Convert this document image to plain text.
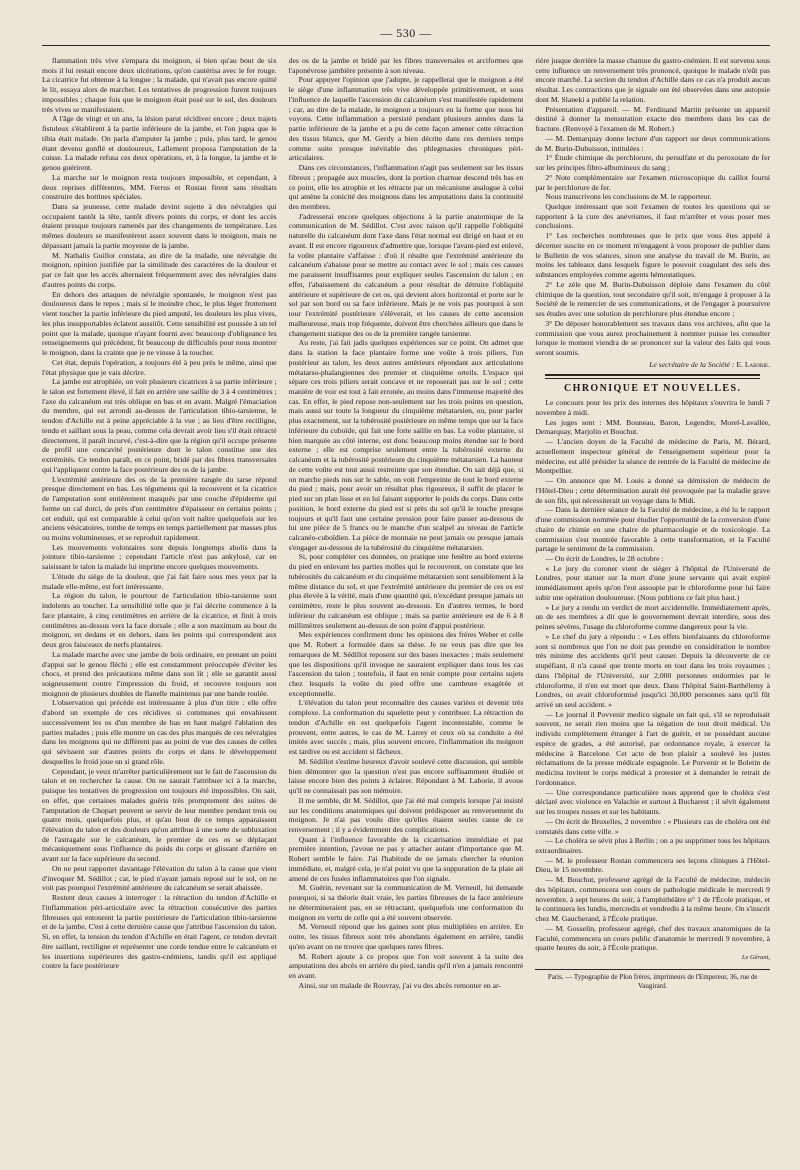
— 530 —

flammation très vive s'empara du moignon, si bien qu'au bout de six mois il lui restait encore deux ulcérations, qu'on cautérisa avec le fer rouge. La cicatrice fut obtenue à la longue ; la malade, qui n'avait pas encore quitté le lit, essaya alors de marcher. Les tentatives de progression furent toujours impossibles ; chaque fois que le moignon était posé sur le sol, des douleurs très vives se manifestaient.

A l'âge de vingt et un ans, la lésion parut récidiver encore ; deux trajets fistuleux s'établirent à la partie inférieure de la jambe, et l'on jugea que le tibia était malade. On parla d'amputer la jambe ; puis, plus tard, le genou étant devenu gonflé et douloureux, Lallement proposa l'amputation de la cuisse. La malade refusa ces deux opérations, et, à la longue, la jambe et le genou guérirent.

La marche sur le moignon resta toujours impossible, et cependant, à deux reprises différentes, MM. Ferrus et Rostan firent sans résultats construire des bottines spéciales.

Dans sa jeunesse, cette malade devint sujette à des névralgies qui occupaient tantôt la tête, tantôt divers points du corps, et dont les accès étaient presque toujours ramenés par des changements de température. Les mêmes douleurs se manifestèrent assez souvent dans le moignon, mais ne dépassant jamais la partie moyenne de la jambe.

M. Nathalis Guillot constata, au dire de la malade, une névralgie du moignon, opinion justifiée par la similitude des caractères de la douleur et par ce fait que les accès alternaient fréquemment avec des névralgies dans d'autres points du corps.

En dehors des attaques de névralgie spontanée, le moignon n'est pas douloureux dans le repos ; mais si le moindre choc, le plus léger frottement vient toucher la partie inférieure du pied amputé, les douleurs les plus vives, les plus insupportables éclatent aussitôt. Cette sensibilité est poussée à un tel point que la malade, quoique n'ayant fourni avec beaucoup d'obligeance les renseignements qui précèdent, fit beaucoup de difficultés pour nous montrer le moignon, dans la crainte que je ne vinsse à la toucher.

Cet état, depuis l'opération, a toujours été à peu près le même, ainsi que l'état physique que je vais décrire.

La jambe est atrophiée, on voit plusieurs cicatrices à sa partie inférieure ; le talon est fortement élevé, il fait en arrière une saillie de 3 à 4 centimètres ; l'axe du calcanéum est très oblique en bas et en avant. Malgré l'émaciation du membre, qui est arrondi au-dessus de l'articulation tibio-tarsienne, le tendon d'Achille est à peine appréciable à la vue ; au lieu d'être rectiligne, tendu et saillant sous la peau, comme cela devrait avoir lieu s'il était rétracté directement, il paraît incurvé, c'est-à-dire que la région qu'il occupe présente de profil une concavité postérieure dont le talon constitue une des extrémités. Ce tendon paraît, en ce point, bridé par des fibres transversales qui l'appliquent contre la face postérieure des os de la jambe.

L'extrémité antérieure des os de la première rangée du tarse répond presque directement en bas. Les téguments qui la recouvrent et la cicatrice de l'amputation sont entièrement masqués par une couche d'épiderme qui forme un cal durci, de près d'un centimètre d'épaisseur en certains points ; cet enduit, qui est comparable à celui qu'on voit naître quelquefois sur les anciens vésicatoires, tombe de temps en temps partiellement par masses plus ou moins volumineuses, et se reproduit rapidement.

Les mouvements volontaires sont depuis longtemps abolis dans la jointure tibio-tarsienne ; cependant l'article n'est pas ankylosé, car en saisissant le talon la malade lui imprime encore quelques mouvements.

L'étude du siège de la douleur, que j'ai fait faire sous mes yeux par la malade elle-même, est fort intéressante.

La région du talon, le pourtour de l'articulation tibio-tarsienne sont indolents au toucher. La sensibilité telle que je l'ai décrite commence à la face plantaire, à cinq centimètres en arrière de la cicatrice, et finit à trois centimètres au-dessus vers la face dorsale ; elle a son maximum au bout du moignon, en dedans et en dehors, dans les points qui correspondent aux deux gros faisceaux de nerfs plantaires.

La malade marche avec une jambe de bois ordinaire, en prenant un point d'appui sur le genou fléchi ; elle est constamment préoccupée d'éviter les chocs, et prend des précautions même dans son lit ; elle se garantit aussi soigneusement contre l'impression du froid, et recouvre toujours son moignon de plusieurs doubles de flanelle maintenus par une bande roulée.

L'observation qui précède est intéressante à plus d'un titre : elle offre d'abord un exemple de ces récidives si communes qui envahissent successivement les os d'un membre de bas en haut malgré l'ablation des parties malades ; puis elle montre un cas des plus marqués de ces névralgies dans les moignons qui ne diffèrent pas au point de vue des causes de celles qui sévissent sur d'autres points du corps et dans le développement desquelles le froid joue un si grand rôle.

Cependant, je veux m'arrêter particulièrement sur le fait de l'ascension du talon et en rechercher la cause. On ne saurait l'attribuer ici à la marche, puisque les tentatives de progression ont toujours été impossibles. On sait, en effet, que certaines malades guéris très promptement des suites de l'amputation de Chopart peuvent se servir de leur membre pendant trois ou quatre mois, quelquefois plus, et qu'au bout de ce temps apparaissent l'élévation du talon et des douleurs qu'on attribue à une sorte de subluxation de l'astragale sur le calcanéum, le premier de ces os se déplaçant mécaniquement sous l'influence du poids du corps et glissant d'arrière en avant sur la face supérieure du second.

On ne peut rapporter davantage l'élévation du talon à la cause que vient d'invoquer M. Sédillot ; car, le pied n'ayant jamais reposé sur le sol, on ne voit pas pourquoi l'extrémité antérieure du calcanéum se serait abaissée.

Restent deux causes à interroger : la rétraction du tendon d'Achille et l'inflammation péri-articulaire avec la rétraction consécutive des parties fibreuses qui entourent la partie postérieure de l'articulation tibio-tarsienne et de la jambe. C'est à cette dernière cause que j'attribue l'ascension du talon. Si, en effet, la tension du tendon d'Achille en était l'agent, ce tendon devrait être saillant, rectiligne et représenter une corde tendue entre le calcanéum et les insertions supérieures des gastro-cnémiens, tandis qu'il est appliqué contre la face postérieure

des os de la jambe et bridé par les fibres transversales et arciformes que l'aponévrose jambière présente à son niveau.

Pour appuyer l'opinion que j'adopte, je rappellerai que le moignon a été le siège d'une inflammation très vive développée primitivement, et sous l'influence de laquelle l'ascension du calcanéum s'est manifestée rapidement ; car, au dire de la malade, le moignon a toujours eu la forme que nous lui voyons. Cette inflammation a persisté pendant plusieurs années dans la partie inférieure de la jambe et a pu de cette façon amener cette rétraction des tissus blancs, que M. Gerdy a bien décrite dans ces derniers temps comme suite presque inévitable des phlegmasies chroniques péri-articulaires.

Dans ces circonstances, l'inflammation n'agit pas seulement sur les tissus fibreux ; propagée aux muscles, dont la portion charnue descend très bas en ce point, elle les atrophie et les rétracte par un mécanisme analogue à celui qui amène la conicité des moignons dans les amputations dans la continuité des membres.

J'adresserai encore quelques objections à la partie anatomique de la communication de M. Sédillot. C'est avec raison qu'il rappelle l'obliquité naturelle du calcanéum dont l'axe dans l'état normal est dirigé en haut et en avant. Il est encore rigoureux d'admettre que, lorsque l'avant-pied est enlevé, la voûte plantaire s'affaisse : d'où il résulte que l'extrémité antérieure du calcanéum s'abaisse pour se mettre au contact avec le sol ; mais ces causes me paraissent insuffisantes pour expliquer seules l'ascension du talon ; en effet, l'abaissement du calcanéum a pour résultat de détruire l'obliquité antérieure et supérieure de cet os, qui devient alors horizontal et porte sur le sol par son bord ou sa face inférieure. Mais je ne vois pas pourquoi à son tour l'extrémité postérieure s'élèverait, et les causes de cette ascension malheureuse, mais trop fréquente, doivent être cherchées ailleurs que dans le changement statique des os de la première rangée tarsienne.

Au reste, j'ai fait jadis quelques expériences sur ce point. On admet que dans la station la face plantaire forme une voûte à trois piliers, l'un postérieur au talon, les deux autres antérieurs répondant aux articulations métatarso-phalangiennes des premier et cinquième orteils. L'espace qui sépare ces trois piliers serait concave et ne reposerait pas sur le sol ; cette manière de voir est tout à fait erronée, au moins dans l'immense majorité des cas. En effet, le pied repose non-seulement sur les trois points en question, mais aussi sur toute la longueur du cinquième métatarsien, ou, pour parler plus exactement, sur la tubérosité postérieure en même temps que sur la face inférieure du cuboïde, qui fait une forte saillie en bas. La voûte plantaire, si bien marquée au côté interne, est donc beaucoup moins étendue sur le bord externe ; elle est comprise seulement entre la tubérosité externe du calcanéum et la tubérosité postérieure du cinquième métatarsien. La hauteur de cette voûte est tout aussi restreinte que son étendue. On sait déjà que, si on marche pieds nus sur le sable, on voit l'empreinte de tout le bord externe du pied ; mais, pour avoir un résultat plus rigoureux, il suffit de placer le pied sur un plan lisse et en lui faisant supporter le poids du corps. Dans cette position, le bord externe du pied est si près du sol qu'il le touche presque toujours et qu'il faut une certaine pression pour faire passer au-dessous de lui une pièce de 5 francs ou le manche d'un scalpel au niveau de l'article calcanéo-cuboïdien. La pièce de monnaie ne peut jamais ou presque jamais s'engager au-dessous de la tubérosité du cinquième métatarsien.

Si, pour compléter ces données, on pratique une fenêtre au bord externe du pied en enlevant les parties molles qui le recouvrent, on constate que les tubérosités du calcanéum et du cinquième métatarsien sont sensiblement à la même distance du sol, et que l'extrémité antérieure du premier de ces os est plus élevée à la vérité, mais d'une quantité qui, n'excédant presque jamais un centimètre, reste le plus souvent au-dessous. En d'autres termes, le bord inférieur du calcanéum est oblique ; mais sa partie antérieure est de 6 à 8 millimètres seulement au-dessus de son point d'appui postérieur.

Mes expériences confirment donc les opinions des frères Weber et celle que M. Robert a formulée dans sa thèse. Je ne veux pas dire que les remarques de M. Sédillot reposent sur des bases inexactes ; mais seulement que les dispositions qu'il invoque ne sauraient expliquer dans tous les cas l'ascension du talon ; toutefois, il faut en tenir compte pour certains sujets chez lesquels la voûte du pied offre une cambrure exagérée et exceptionnelle.

L'élévation du talon peut reconnaître des causes variées et devenir très complexe. La conformation du squelette peut y contribuer. La rétraction du tendon d'Achille en est quelquefois l'agent incontestable, comme le prouvent, entre autres, le cas de M. Larrey et ceux où sa conduite a été imitée avec succès ; mais, plus souvent encore, l'inflammation du moignon est tardive ou est accident si fâcheux.

M. Sédillot s'estime heureux d'avoir soulevé cette discussion, qui semble bien démontrer que la question n'est pas encore suffisamment étudiée et laisse encore bien des points à éclairer. Répondant à M. Laborie, il avoue qu'il ne connaissait pas son mémoire.

Il me semble, dit M. Sédillot, que j'ai été mal compris lorsque j'ai insisté sur les conditions anatomiques qui doivent prédisposer au renversement du moignon. Je n'ai pas voulu dire qu'elles étaient seules cause de ce renversement ; il y a évidemment des complications.

Quant à l'influence favorable de la cicatrisation immédiate et par première intention, j'avoue ne pas y attacher autant d'importance que M. Robert semble le faire. J'ai l'habitude de ne jamais chercher la réunion immédiate, et, malgré cela, je n'ai point vu que la suppuration de la plaie ait amené de ces fusées inflammatoires que l'on signale.

M. Guérin, revenant sur la communication de M. Verneuil, lui demande pourquoi, si sa théorie était vraie, les parties fibreuses de la face antérieure ne détermineraient pas, en se rétractant, quelquefois une conformation du moignon en vertu de celle qui a été souvent observée.

M. Verneuil répond que les gaines sont plus multipliées en arrière. En outre, les tissus fibreux sont très abondants également en arrière, tandis qu'en avant on ne trouve que quelques rares fibres.

M. Robert ajoute à ce propos que l'on voit souvent à la suite des amputations des abcès en arrière du pied, tandis qu'il n'en a jamais rencontré en avant.

Ainsi, sur un malade de Rouvray, j'ai vu des abcès remonter en ar-

rière jusque derrière la masse charnue du gastro-cnémien. Il est survenu sous cette influence un renversement très prononcé, quoique le malade n'eût pas encore marché. La section du tendon d'Achille dans ce cas n'a produit aucun résultat. Les contractions que je signale ont été observées dans une autopsie dont M. Slaneki a publié la relation.

Présentation d'appareil. — M. Ferdinand Martin présente un appareil destiné à donner la mensuration exacte des membres dans les cas de fracture. (Renvoyé à l'examen de M. Robert.)

— M. Demarquay donne lecture d'un rapport sur deux communications de M. Burin-Dubuisson, intitulées :

1° Étude chimique du perchlorure, du persulfate et du peroxotate de fer sur les principes fibro-albumineux du sang ;

2° Note complémentaire sur l'examen microscopique du caillot fourni par le perchlorure de fer.

Nous transcrivons les conclusions de M. le rapporteur.

Quelque intéressant que soit l'examen de toutes les questions qui se rapportent à la cure des anévrismes, il faut m'arrêter et vous poser mes conclusions.

1° Les recherches nombreuses que le prix que vous êtes appelé à décerner suscite en ce moment m'engagent à vous proposer de publier dans le Bulletin de vos séances, sinon une analyse du travail de M. Burin, au moins les tableaux dans lesquels figure le pouvoir coagulant des sels des substances employées comme agents hémostatiques.

2° Le zèle que M. Burin-Dubuisson déploie dans l'examen du côté chimique de la question, tout secondaire qu'il soit, m'engage à proposer à la Société de le remercier de ses communications, et de l'engager à poursuivre ses études avec une solution de perchlorure plus étendue encore ;

3° De déposer honorablement ses travaux dans vos archives, afin que la commission que vous aurez prochainement à nommer puisse les consulter lorsque le moment viendra de se prononcer sur la valeur des faits qui vous seront soumis.

Le secrétaire de la Société : E. Laborie.
CHRONIQUE ET NOUVELLES.

Le concours pour les prix des internes des hôpitaux s'ouvrira le lundi 7 novembre à midi.

Les juges sont : MM. Bouneau, Baron, Legendre, Morel-Lavallée, Demarquay, Marjolin et Bouchut.

— L'ancien doyen de la Faculté de médecine de Paris, M. Bérard, actuellement inspecteur général de l'enseignement supérieur pour la médecine, est allé présider la séance de rentrée de la Faculté de médecine de Montpellier.

— On annonce que M. Louis a donné sa démission de médecin de l'Hôtel-Dieu ; cette détermination aurait été provoquée par la maladie grave de son fils, qui nécessiterait un voyage dans le Midi.

— Dans la dernière séance de la Faculté de médecine, a été lu le rapport d'une commission nommée pour étudier l'opportunité de la conversion d'une chaire de chimie en une chaire de pharmacologie et de toxicologie. La commission s'est montrée favorable à cette transformation, et la Faculté partage le sentiment de la commission.

— On écrit de Londres, le 28 octobre :

« Le jury du coroner vient de siéger à l'hôpital de l'Université de Londres, pour statuer sur la mort d'une jeune servante qui avait expiré immédiatement après qu'on l'eut assoupie par le chloroforme pour lui faire subir une opération douloureuse. (Nous publions ce fait plus haut.)

» Le jury a rendu un verdict de mort accidentelle. Immédiatement après, un de ses membres a dit que le gouvernement devrait interdire, sous des peines sévères, l'usage du chloroforme comme dangereux pour la vie.

» Le chef du jury a répondu : « Les effets bienfaisants du chloroforme sont si nombreux que l'on ne doit pas prendre en considération le nombre très minime des accidents qu'il peut causer. Depuis la découverte de ce stupéfiant, il n'a causé que trente morts en tout dans les trois royaumes ; dans l'hôpital de l'Université, sur 2,000 personnes endormies par le chloroforme, il n'en est mort que deux. Dans l'hôpital Saint-Barthélemy à Londres, on avait chloroformisé jusqu'ici 30,000 personnes sans qu'il fût arrivé un seul accident. »

— Le journal il Povvenir medico signale un fait qui, s'il se reproduisait souvent, ne serait rien moins que la négation de tout droit médical. Un individu complètement étranger à l'art de guérir, et ne possédant aucune espèce de grades, a été autorisé, par ordonnance royale, à exercer la médecine à Barcelone. Cet acte de bon plaisir a soulevé les justes réclamations de la presse médicale espagnole. Le Porvenir et le Boletin de medicina invitent le corps médical à protester et à demander le retrait de l'ordonnance.

— Une correspondance particulière nous apprend que le choléra s'est déclaré avec violence en Valachie et surtout à Bucharest ; il sévit également sur les troupes russes et sur les habitants.

— On écrit de Bruxelles, 2 novembre : « Plusieurs cas de choléra ont été constatés dans cette ville. »

— Le choléra se sévit plus à Berlin ; on a pu supprimer tous les hôpitaux extraordinaires.

— M. le professeur Rostan commencera ses leçons cliniques à l'Hôtel-Dieu, le 15 novembre.

— M. Bouchut, professeur agrégé de la Faculté de médecine, médecin des hôpitaux, commencera son cours de pathologie médicale le mercredi 9 novembre, à sept heures du soir, à l'amphithéâtre n° 1 de l'École pratique, et le continuera les lundis, mercredis et vendredis à la même heure. On s'inscrit chez M. Gaucherand, à l'École pratique.

— M. Gosselin, professeur agrégé, chef des travaux anatomiques de la Faculté, commencera un cours public d'anatomie le mercredi 9 novembre, à quatre heures du soir, à l'École pratique.

Le Gérant,
Paris. — Typographie de Plon frères, imprimeurs de l'Empereur, 36, rue de Vaugirard.
